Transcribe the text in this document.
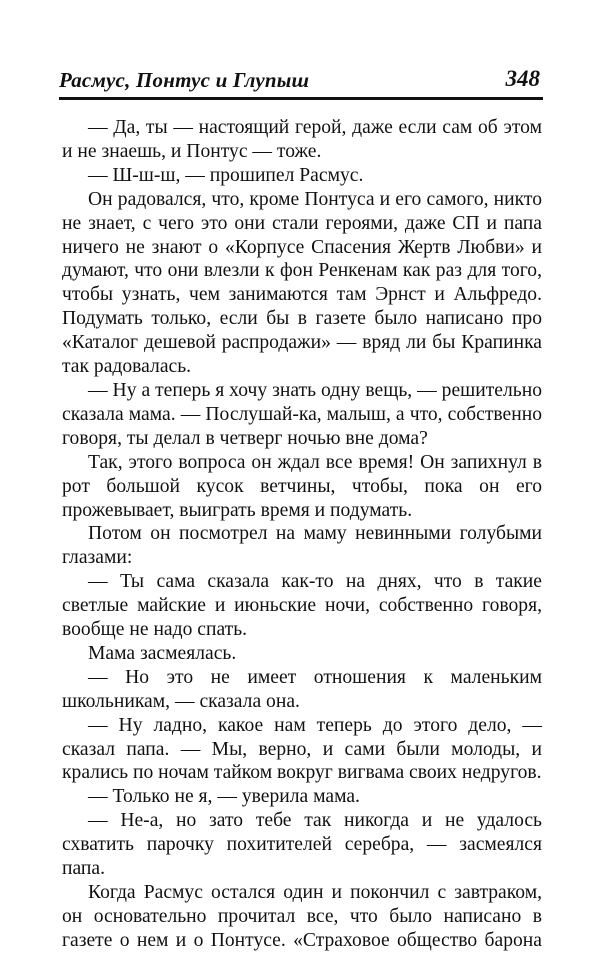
Расмус, Понтус и Глупыш	348

— Да, ты — настоящий герой, даже если сам об этом и не знаешь, и Понтус — тоже.

— Ш-ш-ш, — прошипел Расмус.

Он радовался, что, кроме Понтуса и его самого, никто не знает, с чего это они стали героями, даже СП и папа ничего не знают о «Корпусе Спасения Жертв Любви» и думают, что они влезли к фон Ренкенам как раз для того, чтобы узнать, чем занимаются там Эрнст и Альфредо. Подумать только, если бы в газете было написано про «Каталог дешевой распродажи» — вряд ли бы Крапинка так радовалась.

— Ну а теперь я хочу знать одну вещь, — решительно сказала мама. — Послушай-ка, малыш, а что, собственно говоря, ты делал в четверг ночью вне дома?

Так, этого вопроса он ждал все время! Он запихнул в рот большой кусок ветчины, чтобы, пока он его прожевывает, выиграть время и подумать.

Потом он посмотрел на маму невинными голубыми глазами:

— Ты сама сказала как-то на днях, что в такие светлые майские и июньские ночи, собственно говоря, вообще не надо спать.

Мама засмеялась.

— Но это не имеет отношения к маленьким школьникам, — сказала она.

— Ну ладно, какое нам теперь до этого дело, — сказал папа. — Мы, верно, и сами были молоды, и крались по ночам тайком вокруг вигвама своих недругов.

— Только не я, — уверила мама.

— Не-а, но зато тебе так никогда и не удалось схватить парочку похитителей серебра, — засмеялся папа.

Когда Расмус остался один и покончил с завтраком, он основательно прочитал все, что было написано в газете о нем и о Понтусе. «Страховое общество барона
